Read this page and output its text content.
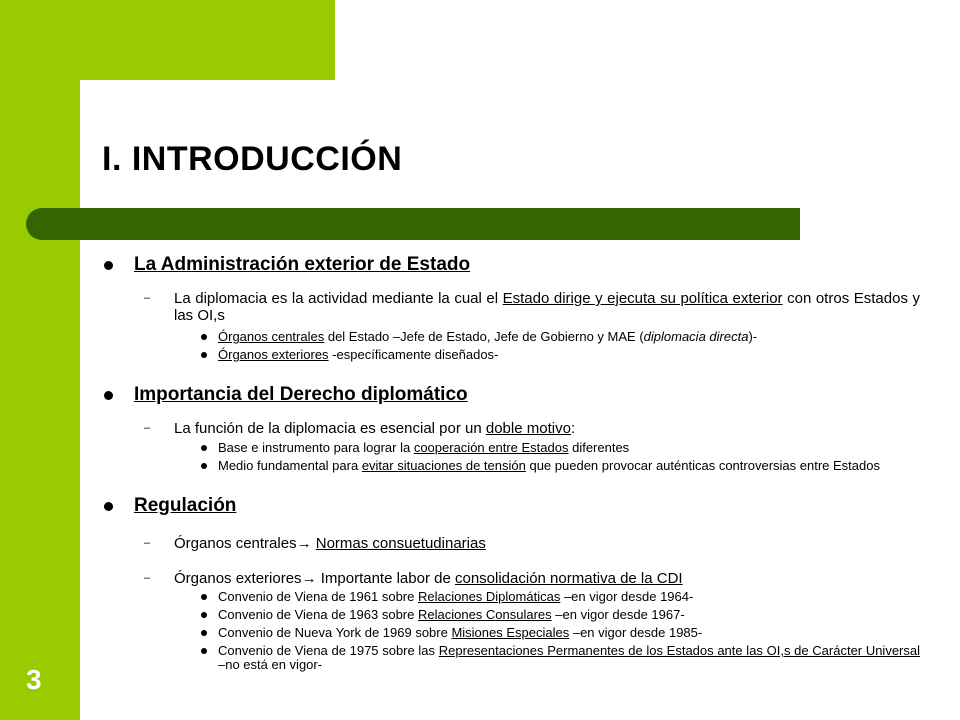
I. INTRODUCCIÓN
3
La Administración exterior de Estado
– La diplomacia es la actividad mediante la cual el Estado dirige y ejecuta su política exterior con otros Estados y las OI,s
Órganos centrales del Estado –Jefe de Estado, Jefe de Gobierno y MAE (diplomacia directa)-
Órganos exteriores -específicamente diseñados-
Importancia del Derecho diplomático
– La función de la diplomacia es esencial por un doble motivo:
Base e instrumento para lograr la cooperación entre Estados diferentes
Medio fundamental para evitar situaciones de tensión que pueden provocar auténticas controversias entre Estados
Regulación
– Órganos centrales→ Normas consuetudinarias
– Órganos exteriores→ Importante labor de consolidación normativa de la CDI
Convenio de Viena de 1961 sobre Relaciones Diplomáticas –en vigor desde 1964-
Convenio de Viena de 1963 sobre Relaciones Consulares –en vigor desde 1967-
Convenio de Nueva York de 1969 sobre Misiones Especiales –en vigor desde 1985-
Convenio de Viena de 1975 sobre las Representaciones Permanentes de los Estados ante las OI,s de Carácter Universal –no está en vigor-
